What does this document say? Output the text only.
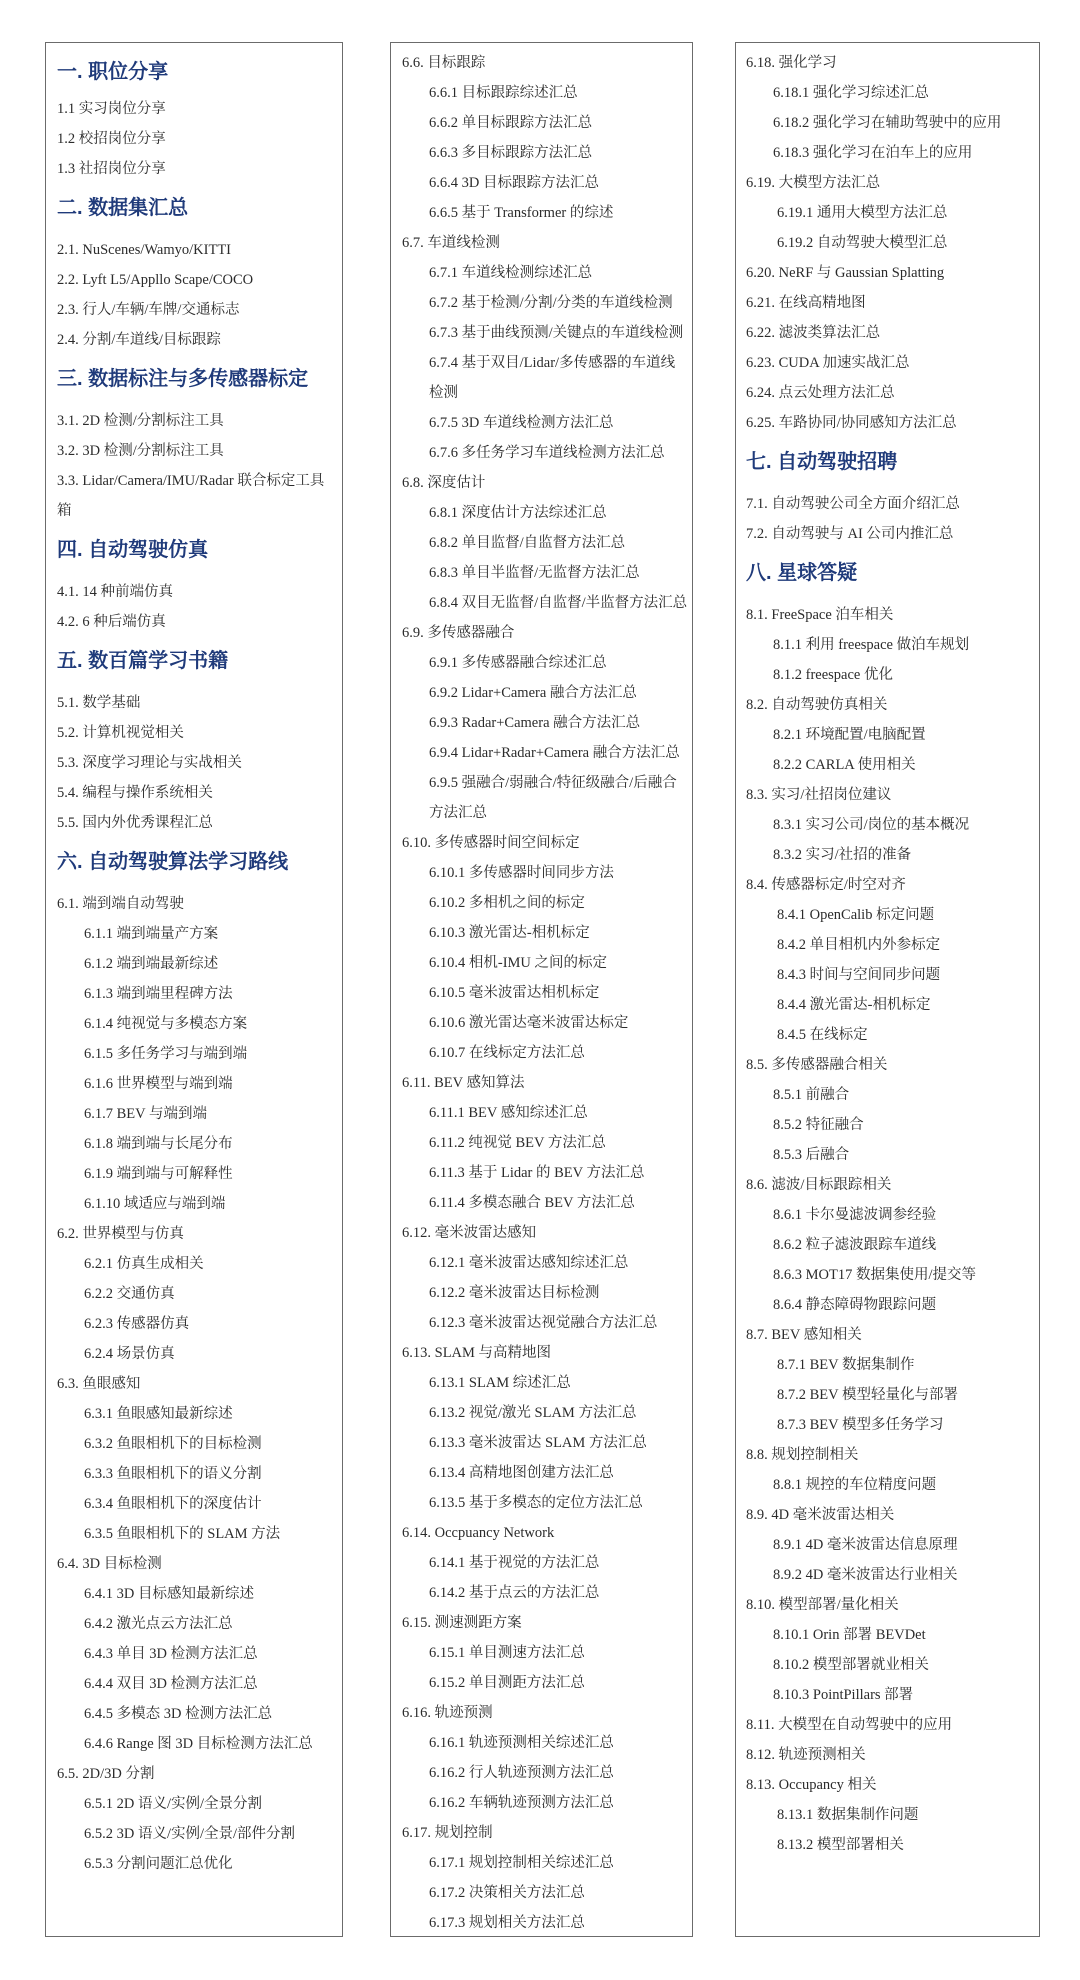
一. 职位分享
1.1 实习岗位分享
1.2 校招岗位分享
1.3 社招岗位分享
二. 数据集汇总
2.1. NuScenes/Wamyo/KITTI
2.2. Lyft L5/Appllo Scape/COCO
2.3. 行人/车辆/车牌/交通标志
2.4. 分割/车道线/目标跟踪
三. 数据标注与多传感器标定
3.1. 2D 检测/分割标注工具
3.2. 3D 检测/分割标注工具
3.3. Lidar/Camera/IMU/Radar 联合标定工具
箱
四. 自动驾驶仿真
4.1. 14 种前端仿真
4.2. 6 种后端仿真
五. 数百篇学习书籍
5.1. 数学基础
5.2. 计算机视觉相关
5.3. 深度学习理论与实战相关
5.4. 编程与操作系统相关
5.5. 国内外优秀课程汇总
六. 自动驾驶算法学习路线
6.1. 端到端自动驾驶
6.1.1 端到端量产方案
6.1.2 端到端最新综述
6.1.3 端到端里程碑方法
6.1.4 纯视觉与多模态方案
6.1.5 多任务学习与端到端
6.1.6 世界模型与端到端
6.1.7 BEV 与端到端
6.1.8 端到端与长尾分布
6.1.9 端到端与可解释性
6.1.10 域适应与端到端
6.2. 世界模型与仿真
6.2.1 仿真生成相关
6.2.2 交通仿真
6.2.3 传感器仿真
6.2.4 场景仿真
6.3. 鱼眼感知
6.3.1 鱼眼感知最新综述
6.3.2 鱼眼相机下的目标检测
6.3.3 鱼眼相机下的语义分割
6.3.4 鱼眼相机下的深度估计
6.3.5 鱼眼相机下的 SLAM 方法
6.4. 3D 目标检测
6.4.1 3D 目标感知最新综述
6.4.2 激光点云方法汇总
6.4.3 单目 3D 检测方法汇总
6.4.4 双目 3D 检测方法汇总
6.4.5 多模态 3D 检测方法汇总
6.4.6 Range 图 3D 目标检测方法汇总
6.5. 2D/3D 分割
6.5.1 2D 语义/实例/全景分割
6.5.2 3D 语义/实例/全景/部件分割
6.5.3 分割问题汇总优化
6.6. 目标跟踪
6.6.1 目标跟踪综述汇总
6.6.2 单目标跟踪方法汇总
6.6.3 多目标跟踪方法汇总
6.6.4 3D 目标跟踪方法汇总
6.6.5 基于 Transformer 的综述
6.7. 车道线检测
6.7.1 车道线检测综述汇总
6.7.2 基于检测/分割/分类的车道线检测
6.7.3 基于曲线预测/关键点的车道线检测
6.7.4 基于双目/Lidar/多传感器的车道线
检测
6.7.5 3D 车道线检测方法汇总
6.7.6 多任务学习车道线检测方法汇总
6.8. 深度估计
6.8.1 深度估计方法综述汇总
6.8.2 单目监督/自监督方法汇总
6.8.3 单目半监督/无监督方法汇总
6.8.4 双目无监督/自监督/半监督方法汇总
6.9. 多传感器融合
6.9.1 多传感器融合综述汇总
6.9.2 Lidar+Camera 融合方法汇总
6.9.3 Radar+Camera 融合方法汇总
6.9.4 Lidar+Radar+Camera 融合方法汇总
6.9.5 强融合/弱融合/特征级融合/后融合
方法汇总
6.10. 多传感器时间空间标定
6.10.1 多传感器时间同步方法
6.10.2 多相机之间的标定
6.10.3 激光雷达-相机标定
6.10.4 相机-IMU 之间的标定
6.10.5 毫米波雷达相机标定
6.10.6 激光雷达毫米波雷达标定
6.10.7 在线标定方法汇总
6.11. BEV 感知算法
6.11.1 BEV 感知综述汇总
6.11.2 纯视觉 BEV 方法汇总
6.11.3 基于 Lidar 的 BEV 方法汇总
6.11.4 多模态融合 BEV 方法汇总
6.12. 毫米波雷达感知
6.12.1 毫米波雷达感知综述汇总
6.12.2 毫米波雷达目标检测
6.12.3 毫米波雷达视觉融合方法汇总
6.13. SLAM 与高精地图
6.13.1 SLAM 综述汇总
6.13.2 视觉/激光 SLAM 方法汇总
6.13.3 毫米波雷达 SLAM 方法汇总
6.13.4 高精地图创建方法汇总
6.13.5 基于多模态的定位方法汇总
6.14. Occpuancy Network
6.14.1 基于视觉的方法汇总
6.14.2 基于点云的方法汇总
6.15. 测速测距方案
6.15.1 单目测速方法汇总
6.15.2 单目测距方法汇总
6.16. 轨迹预测
6.16.1 轨迹预测相关综述汇总
6.16.2 行人轨迹预测方法汇总
6.16.2 车辆轨迹预测方法汇总
6.17. 规划控制
6.17.1 规划控制相关综述汇总
6.17.2 决策相关方法汇总
6.17.3 规划相关方法汇总
6.18. 强化学习
6.18.1 强化学习综述汇总
6.18.2 强化学习在辅助驾驶中的应用
6.18.3 强化学习在泊车上的应用
6.19. 大模型方法汇总
6.19.1 通用大模型方法汇总
6.19.2 自动驾驶大模型汇总
6.20. NeRF 与 Gaussian Splatting
6.21. 在线高精地图
6.22. 滤波类算法汇总
6.23. CUDA 加速实战汇总
6.24. 点云处理方法汇总
6.25. 车路协同/协同感知方法汇总
七. 自动驾驶招聘
7.1. 自动驾驶公司全方面介绍汇总
7.2. 自动驾驶与 AI 公司内推汇总
八. 星球答疑
8.1. FreeSpace 泊车相关
8.1.1 利用 freespace 做泊车规划
8.1.2 freespace 优化
8.2. 自动驾驶仿真相关
8.2.1 环境配置/电脑配置
8.2.2 CARLA 使用相关
8.3. 实习/社招岗位建议
8.3.1 实习公司/岗位的基本概况
8.3.2 实习/社招的准备
8.4. 传感器标定/时空对齐
8.4.1 OpenCalib 标定问题
8.4.2 单目相机内外参标定
8.4.3 时间与空间同步问题
8.4.4 激光雷达-相机标定
8.4.5 在线标定
8.5. 多传感器融合相关
8.5.1 前融合
8.5.2 特征融合
8.5.3 后融合
8.6. 滤波/目标跟踪相关
8.6.1 卡尔曼滤波调参经验
8.6.2 粒子滤波跟踪车道线
8.6.3 MOT17 数据集使用/提交等
8.6.4 静态障碍物跟踪问题
8.7. BEV 感知相关
8.7.1 BEV 数据集制作
8.7.2 BEV 模型轻量化与部署
8.7.3 BEV 模型多任务学习
8.8. 规划控制相关
8.8.1 规控的车位精度问题
8.9. 4D 毫米波雷达相关
8.9.1 4D 毫米波雷达信息原理
8.9.2 4D 毫米波雷达行业相关
8.10. 模型部署/量化相关
8.10.1 Orin 部署 BEVDet
8.10.2 模型部署就业相关
8.10.3 PointPillars 部署
8.11. 大模型在自动驾驶中的应用
8.12. 轨迹预测相关
8.13. Occupancy 相关
8.13.1 数据集制作问题
8.13.2 模型部署相关
